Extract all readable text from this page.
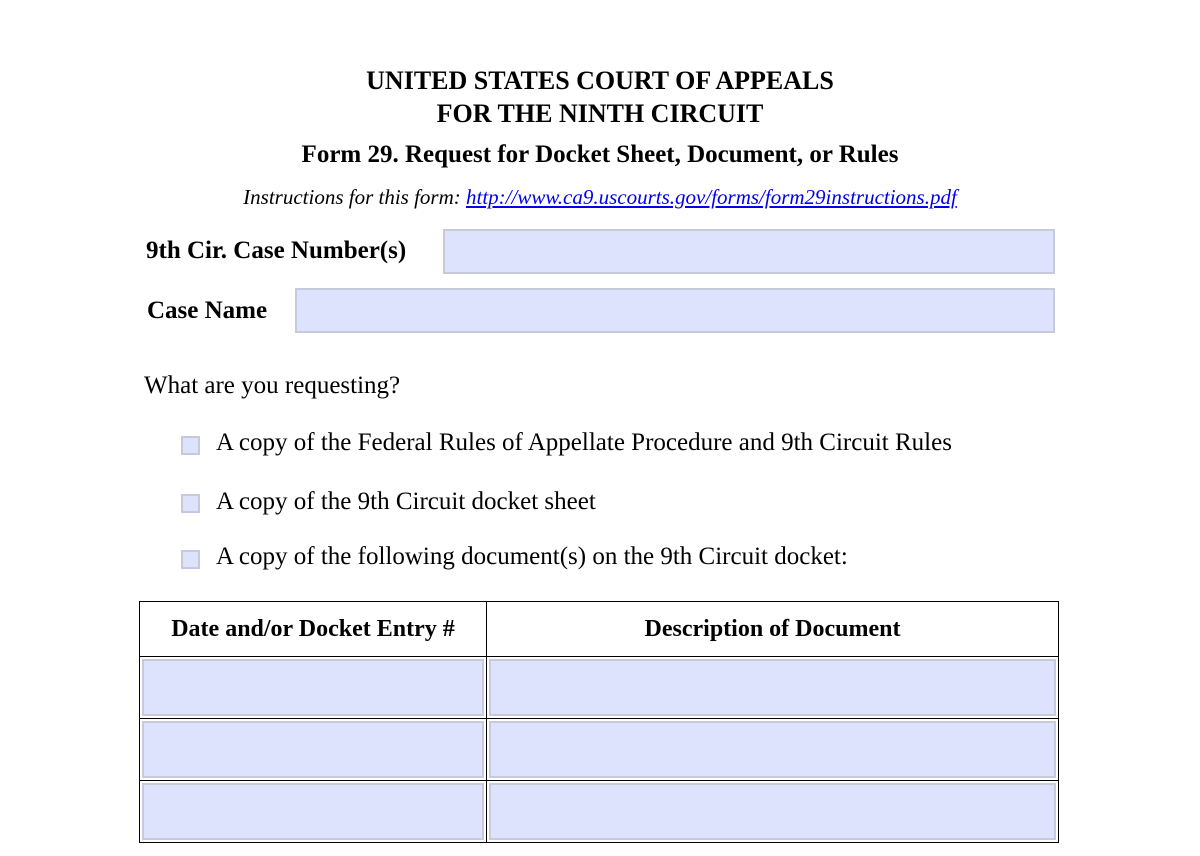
UNITED STATES COURT OF APPEALS
FOR THE NINTH CIRCUIT
Form 29. Request for Docket Sheet, Document, or Rules
Instructions for this form: http://www.ca9.uscourts.gov/forms/form29instructions.pdf
9th Cir. Case Number(s)
Case Name
What are you requesting?
A copy of the Federal Rules of Appellate Procedure and 9th Circuit Rules
A copy of the 9th Circuit docket sheet
A copy of the following document(s) on the 9th Circuit docket:
Date and/or Docket Entry #	Description of Document
